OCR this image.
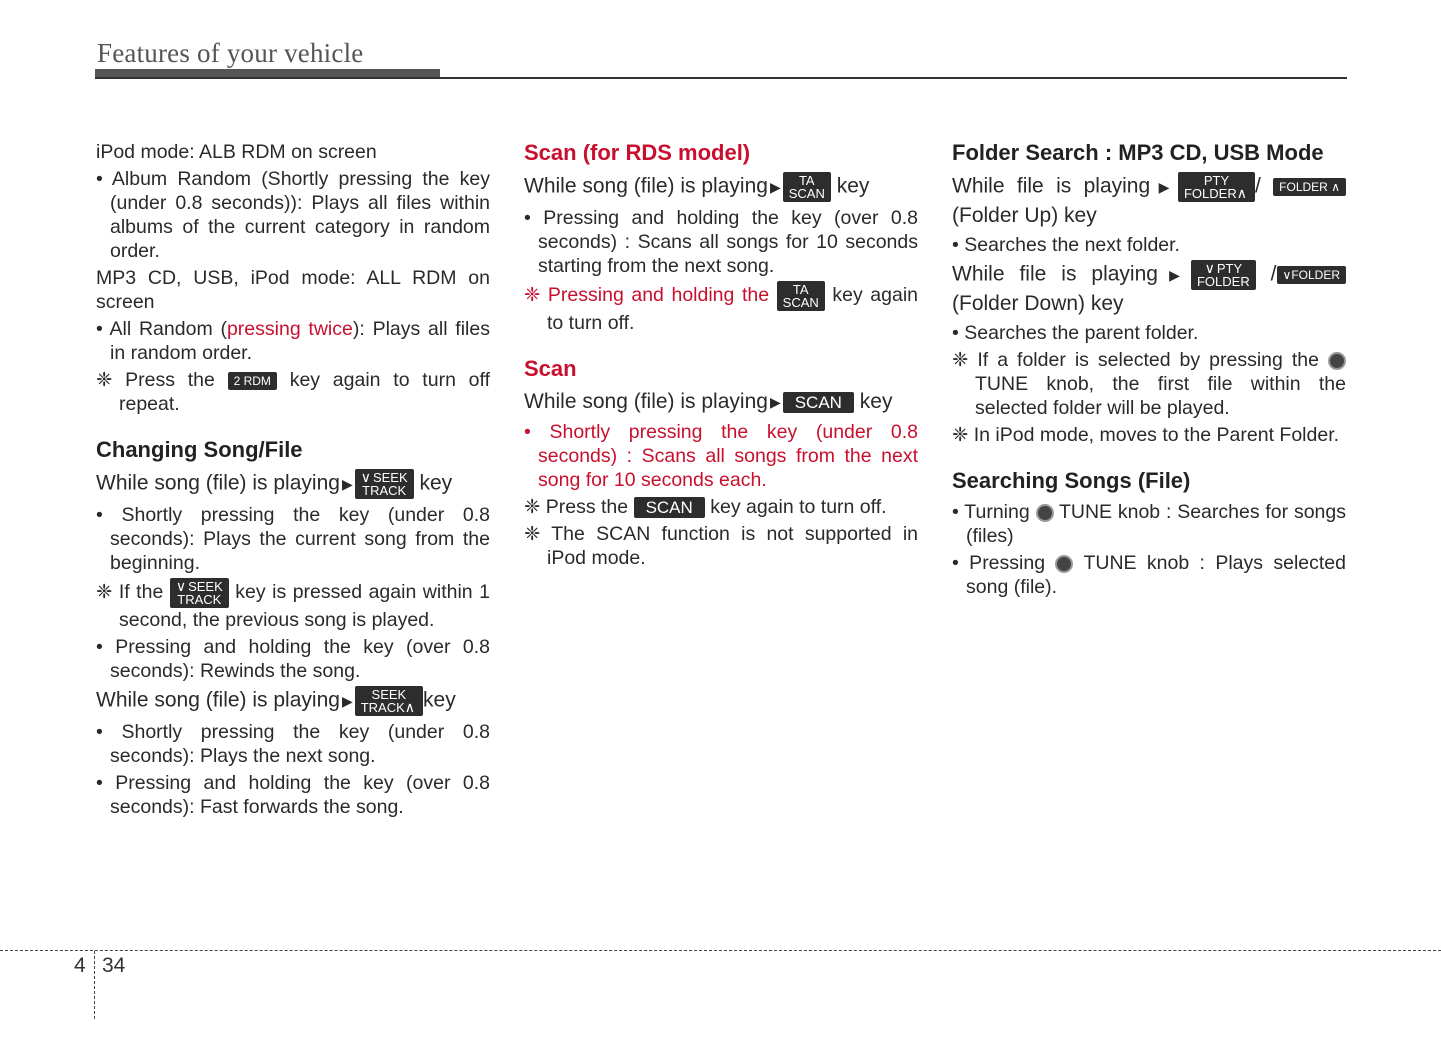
Features of your vehicle

iPod mode: ALB RDM on screen

• Album Random (Shortly pressing the key (under 0.8 seconds)): Plays all files within albums of the current category in random order.

MP3 CD, USB, iPod mode: ALL RDM on screen

• All Random (pressing twice): Plays all files in random order.

❈ Press the 2 RDM key again to turn off repeat.

Changing Song/File

While song (file) is playing ▶ ∨ SEEK
TRACK key

• Shortly pressing the key (under 0.8 seconds): Plays the current song from the beginning.

❈ If the ∨ SEEK
TRACK key is pressed again within 1 second, the previous song is played.

• Pressing and holding the key (over 0.8 seconds): Rewinds the song.

While song (file) is playing ▶	SEEK
TRACK∧ key

• Shortly pressing the key (under 0.8 seconds): Plays the next song.

• Pressing and holding the key (over 0.8 seconds): Fast forwards the song.

Scan (for RDS model)

While song (file) is playing ▶	TA
SCAN key

• Pressing and holding the key (over 0.8 seconds) : Scans all songs for 10 seconds starting from the next song.

❈ Pressing and holding the	TA
SCAN key again to turn off.

Scan

While song (file) is playing ▶ SCAN key

• Shortly pressing the key (under 0.8 seconds) : Scans all songs from the next song for 10 seconds each.

❈ Press the SCAN key again to turn off.

❈ The SCAN function is not supported in iPod mode.

Folder Search : MP3 CD, USB Mode

While file is playing ▶	PTY
FOLDER∧ / FOLDER ∧ (Folder Up) key

• Searches the next folder.

While file is playing ▶	∨ PTY
FOLDER / ∨FOLDER(Folder Down) key

• Searches the parent folder.

❈ If a folder is selected by pressing the  TUNE knob, the first file within the selected folder will be played.

❈ In iPod mode, moves to the Parent Folder.

Searching Songs (File)

• Turning TUNE knob : Searches for songs (files)

• Pressing TUNE knob : Plays selected song (file).

4 34
